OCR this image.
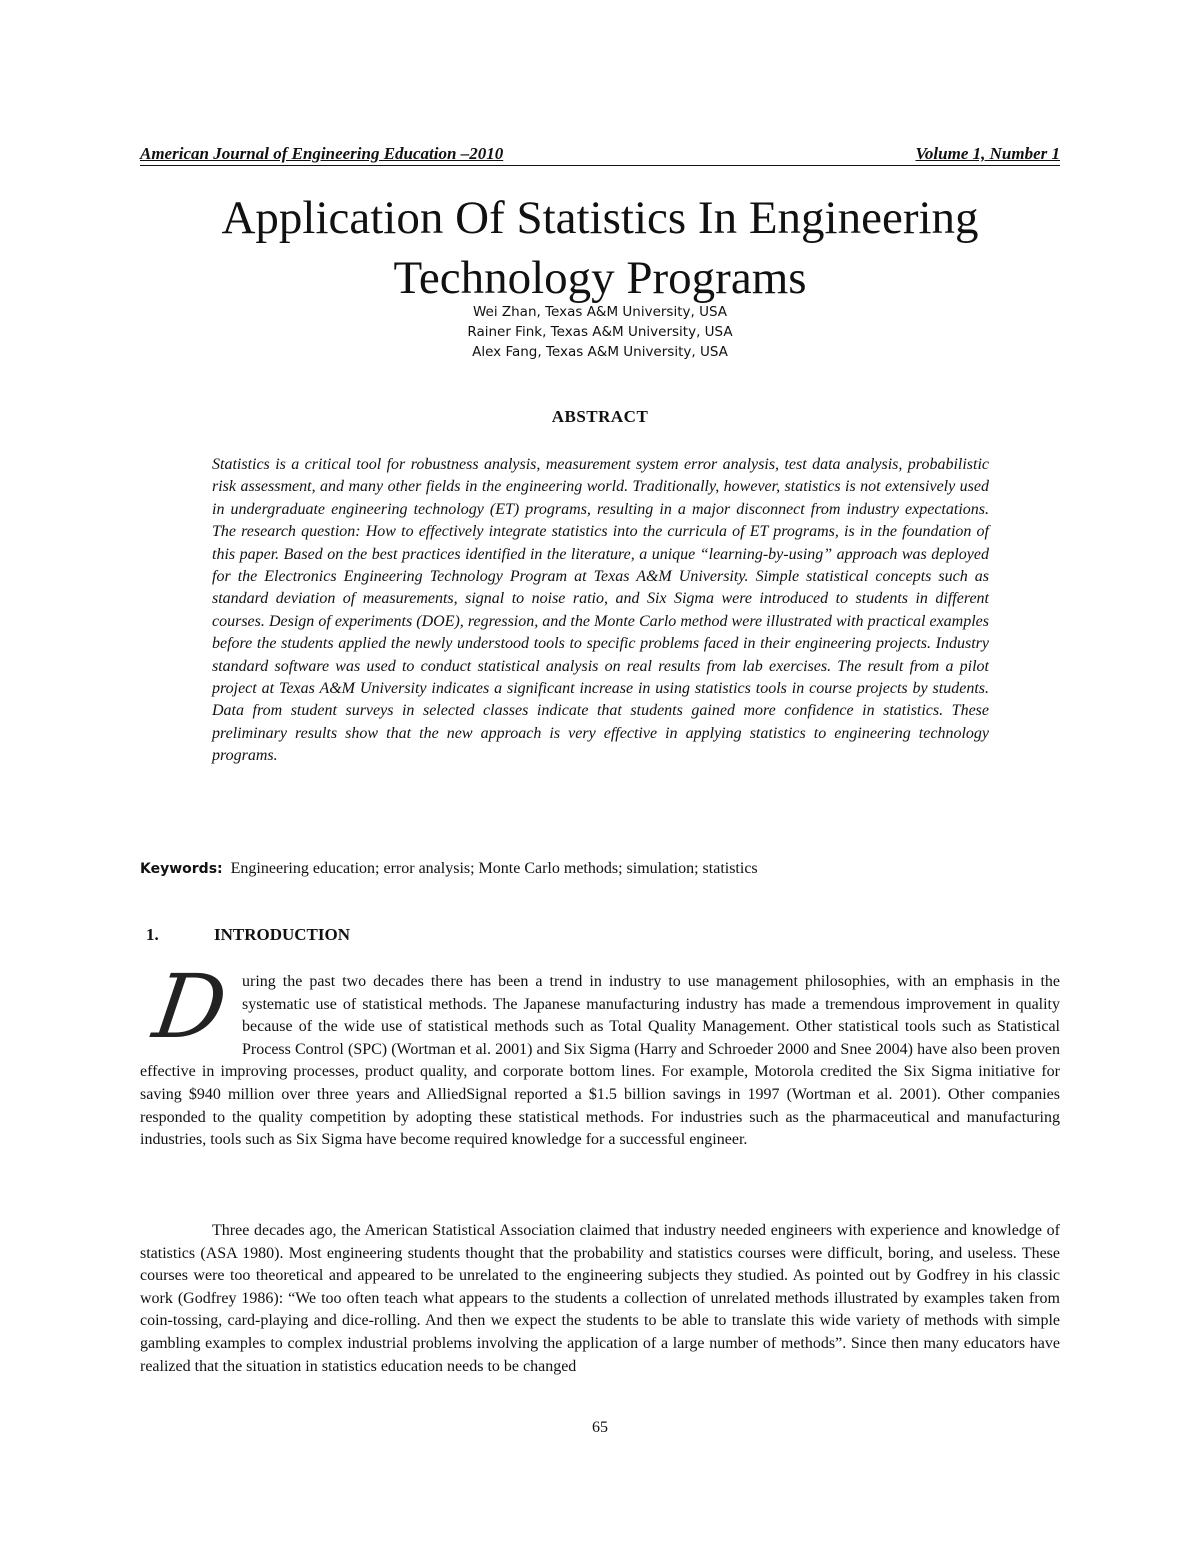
American Journal of Engineering Education –2010	Volume 1, Number 1
Application Of Statistics In Engineering
Technology Programs
Wei Zhan, Texas A&M University, USA
Rainer Fink, Texas A&M University, USA
Alex Fang, Texas A&M University, USA
ABSTRACT

Statistics is a critical tool for robustness analysis, measurement system error analysis, test data analysis, probabilistic risk assessment, and many other fields in the engineering world. Traditionally, however, statistics is not extensively used in undergraduate engineering technology (ET) programs, resulting in a major disconnect from industry expectations. The research question: How to effectively integrate statistics into the curricula of ET programs, is in the foundation of this paper. Based on the best practices identified in the literature, a unique “learning-by-using” approach was deployed for the Electronics Engineering Technology Program at Texas A&M University. Simple statistical concepts such as standard deviation of measurements, signal to noise ratio, and Six Sigma were introduced to students in different courses. Design of experiments (DOE), regression, and the Monte Carlo method were illustrated with practical examples before the students applied the newly understood tools to specific problems faced in their engineering projects. Industry standard software was used to conduct statistical analysis on real results from lab exercises. The result from a pilot project at Texas A&M University indicates a significant increase in using statistics tools in course projects by students. Data from student surveys in selected classes indicate that students gained more confidence in statistics. These preliminary results show that the new approach is very effective in applying statistics to engineering technology programs.

Keywords: Engineering education; error analysis; Monte Carlo methods; simulation; statistics
1.	INTRODUCTION
D uring the past two decades there has been a trend in industry to use management philosophies, with an emphasis in the systematic use of statistical methods. The Japanese manufacturing industry has made a tremendous improvement in quality because of the wide use of statistical methods such as Total Quality Management. Other statistical tools such as Statistical Process Control (SPC) (Wortman et al. 2001) and Six Sigma (Harry and Schroeder 2000 and Snee 2004) have also been proven effective in improving processes, product quality, and corporate bottom lines. For example, Motorola credited the Six Sigma initiative for saving $940 million over three years and AlliedSignal reported a $1.5 billion savings in 1997 (Wortman et al. 2001). Other companies responded to the quality competition by adopting these statistical methods. For industries such as the pharmaceutical and manufacturing industries, tools such as Six Sigma have become required knowledge for a successful engineer.

Three decades ago, the American Statistical Association claimed that industry needed engineers with experience and knowledge of statistics (ASA 1980). Most engineering students thought that the probability and statistics courses were difficult, boring, and useless. These courses were too theoretical and appeared to be unrelated to the engineering subjects they studied. As pointed out by Godfrey in his classic work (Godfrey 1986): “We too often teach what appears to the students a collection of unrelated methods illustrated by examples taken from coin-tossing, card-playing and dice-rolling. And then we expect the students to be able to translate this wide variety of methods with simple gambling examples to complex industrial problems involving the application of a large number of methods”. Since then many educators have realized that the situation in statistics education needs to be changed

65
